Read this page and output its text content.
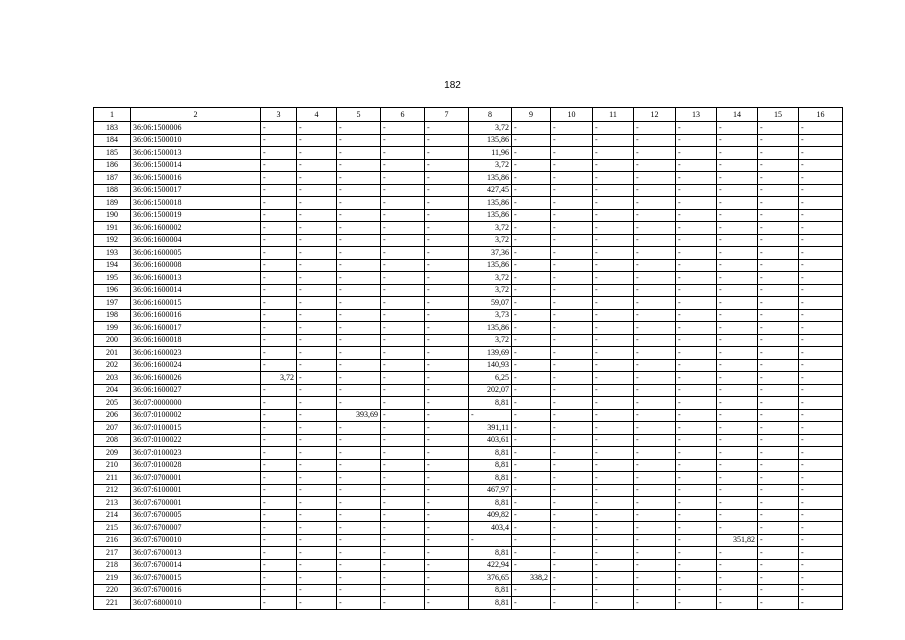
182
1	2	3	4	5	6	7	8	9	10	11	12	13	14	15	16
183	36:06:1500006	-	-	-	-	-	3,72	-	-	-	-	-	-	-	-
184	36:06:1500010	-	-	-	-	-	135,86	-	-	-	-	-	-	-	-
185	36:06:1500013	-	-	-	-	-	11,96	-	-	-	-	-	-	-	-
186	36:06:1500014	-	-	-	-	-	3,72	-	-	-	-	-	-	-	-
187	36:06:1500016	-	-	-	-	-	135,86	-	-	-	-	-	-	-	-
188	36:06:1500017	-	-	-	-	-	427,45	-	-	-	-	-	-	-	-
189	36:06:1500018	-	-	-	-	-	135,86	-	-	-	-	-	-	-	-
190	36:06:1500019	-	-	-	-	-	135,86	-	-	-	-	-	-	-	-
191	36:06:1600002	-	-	-	-	-	3,72	-	-	-	-	-	-	-	-
192	36:06:1600004	-	-	-	-	-	3,72	-	-	-	-	-	-	-	-
193	36:06:1600005	-	-	-	-	-	37,36	-	-	-	-	-	-	-	-
194	36:06:1600008	-	-	-	-	-	135,86	-	-	-	-	-	-	-	-
195	36:06:1600013	-	-	-	-	-	3,72	-	-	-	-	-	-	-	-
196	36:06:1600014	-	-	-	-	-	3,72	-	-	-	-	-	-	-	-
197	36:06:1600015	-	-	-	-	-	59,07	-	-	-	-	-	-	-	-
198	36:06:1600016	-	-	-	-	-	3,73	-	-	-	-	-	-	-	-
199	36:06:1600017	-	-	-	-	-	135,86	-	-	-	-	-	-	-	-
200	36:06:1600018	-	-	-	-	-	3,72	-	-	-	-	-	-	-	-
201	36:06:1600023	-	-	-	-	-	139,69	-	-	-	-	-	-	-	-
202	36:06:1600024	-	-	-	-	-	140,93	-	-	-	-	-	-	-	-
203	36:06:1600026	3,72	-	-	-	-	6,25	-	-	-	-	-	-	-	-
204	36:06:1600027	-	-	-	-	-	202,07	-	-	-	-	-	-	-	-
205	36:07:0000000	-	-	-	-	-	8,81	-	-	-	-	-	-	-	-
206	36:07:0100002	-	-	393,69	-	-	-	-	-	-	-	-	-	-	-
207	36:07:0100015	-	-	-	-	-	391,11	-	-	-	-	-	-	-	-
208	36:07:0100022	-	-	-	-	-	403,61	-	-	-	-	-	-	-	-
209	36:07:0100023	-	-	-	-	-	8,81	-	-	-	-	-	-	-	-
210	36:07:0100028	-	-	-	-	-	8,81	-	-	-	-	-	-	-	-
211	36:07:0700001	-	-	-	-	-	8,81	-	-	-	-	-	-	-	-
212	36:07:6100001	-	-	-	-	-	467,97	-	-	-	-	-	-	-	-
213	36:07:6700001	-	-	-	-	-	8,81	-	-	-	-	-	-	-	-
214	36:07:6700005	-	-	-	-	-	409,82	-	-	-	-	-	-	-	-
215	36:07:6700007	-	-	-	-	-	403,4	-	-	-	-	-	-	-	-
216	36:07:6700010	-	-	-	-	-	-	-	-	-	-	-	351,82	-	-
217	36:07:6700013	-	-	-	-	-	8,81	-	-	-	-	-	-	-	-
218	36:07:6700014	-	-	-	-	-	422,94	-	-	-	-	-	-	-	-
219	36:07:6700015	-	-	-	-	-	376,65	338,2	-	-	-	-	-	-	-
220	36:07:6700016	-	-	-	-	-	8,81	-	-	-	-	-	-	-	-
221	36:07:6800010	-	-	-	-	-	8,81	-	-	-	-	-	-	-	-
